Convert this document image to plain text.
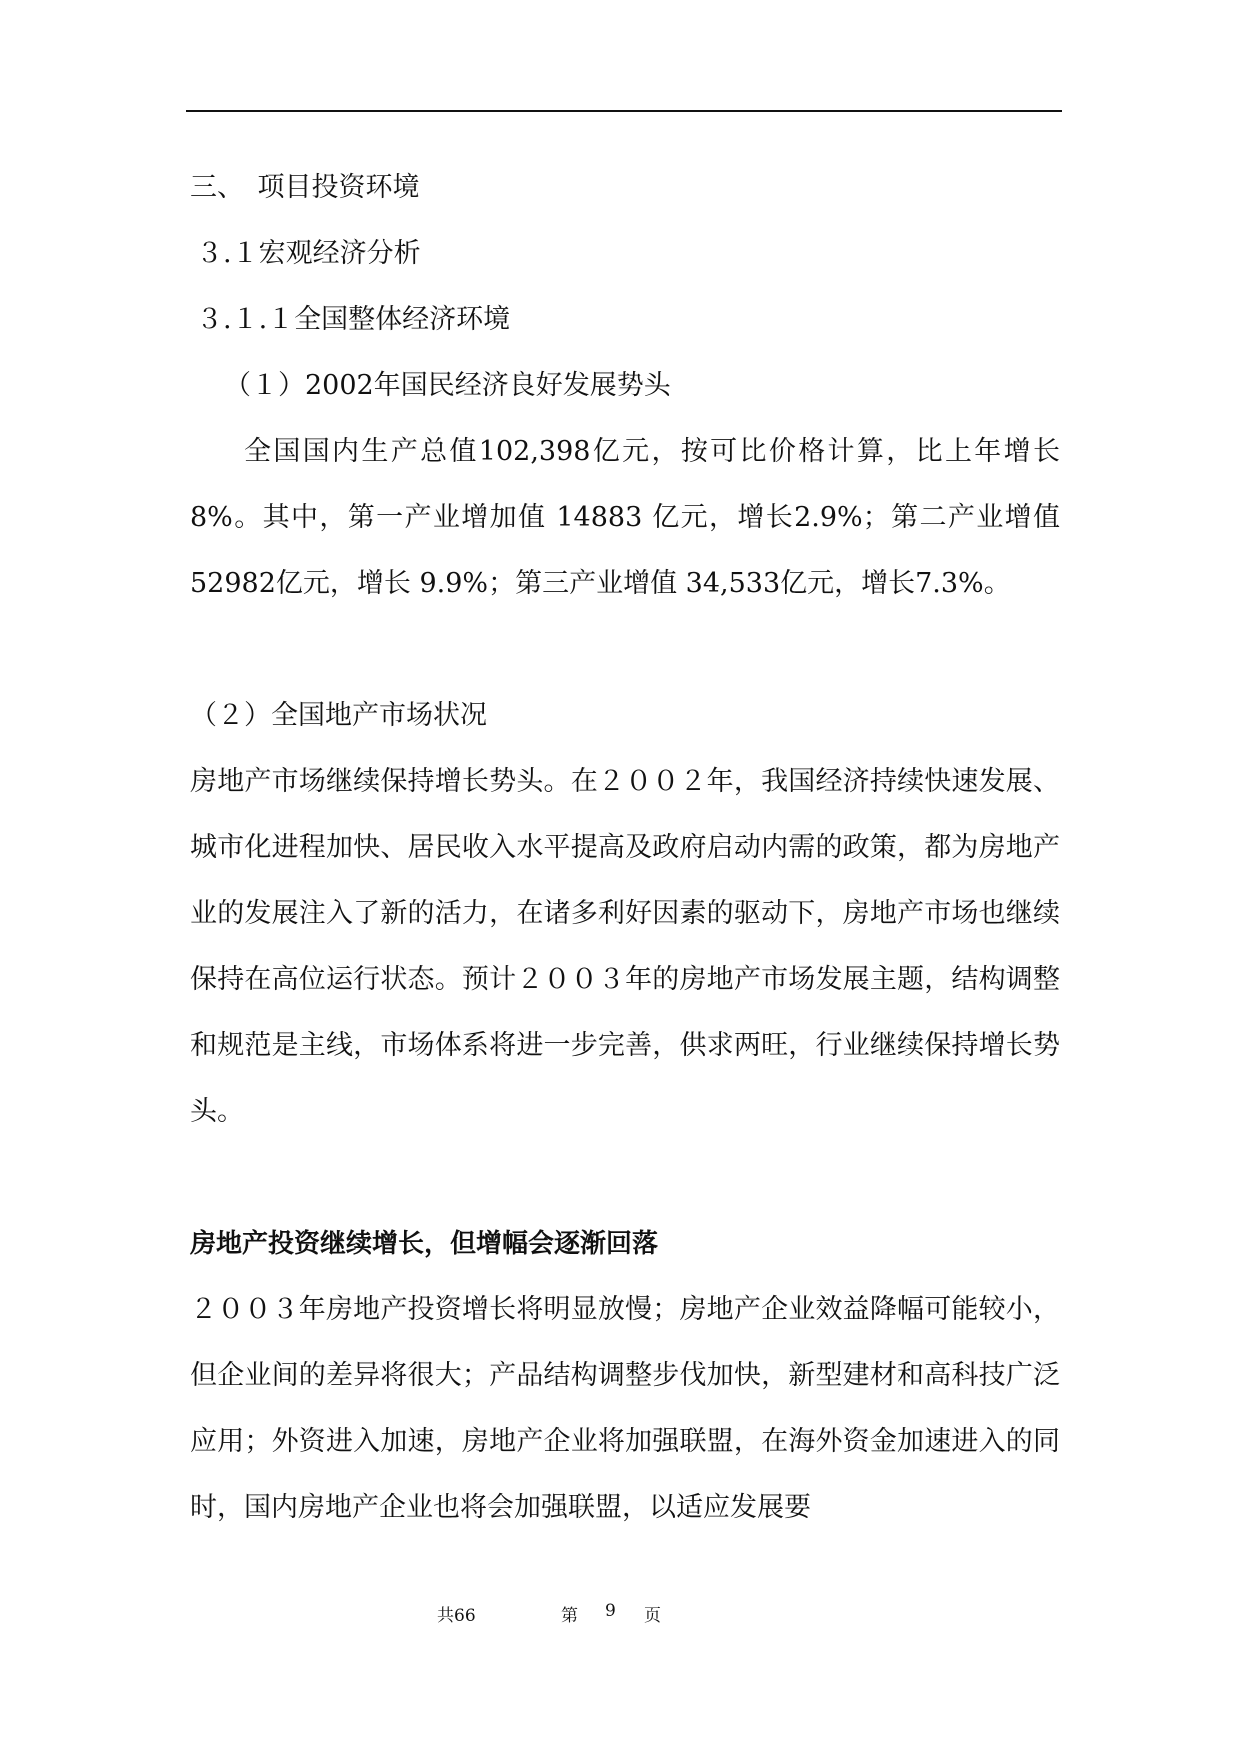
三、　项目投资环境
３.１宏观经济分析
３.１.１全国整体经济环境
（１）2002年国民经济良好发展势头

全国国内生产总值102,398亿元，按可比价格计算，比上年增长8%。其中，第一产业增加值 14883 亿元，增长2.9%；第二产业增值 52982亿元，增长 9.9%；第三产业增值 34,533亿元，增长7.3%。

（２）全国地产市场状况

房地产市场继续保持增长势头。在２００２年，我国经济持续快速发展、城市化进程加快、居民收入水平提高及政府启动内需的政策，都为房地产业的发展注入了新的活力，在诸多利好因素的驱动下，房地产市场也继续保持在高位运行状态。预计２００３年的房地产市场发展主题，结构调整和规范是主线，市场体系将进一步完善，供求两旺，行业继续保持增长势头。

房地产投资继续增长，但增幅会逐渐回落

２００３年房地产投资增长将明显放慢；房地产企业效益降幅可能较小，但企业间的差异将很大；产品结构调整步伐加快，新型建材和高科技广泛应用；外资进入加速，房地产企业将加强联盟，在海外资金加速进入的同时，国内房地产企业也将会加强联盟，以适应发展要

共66	第 9 页
